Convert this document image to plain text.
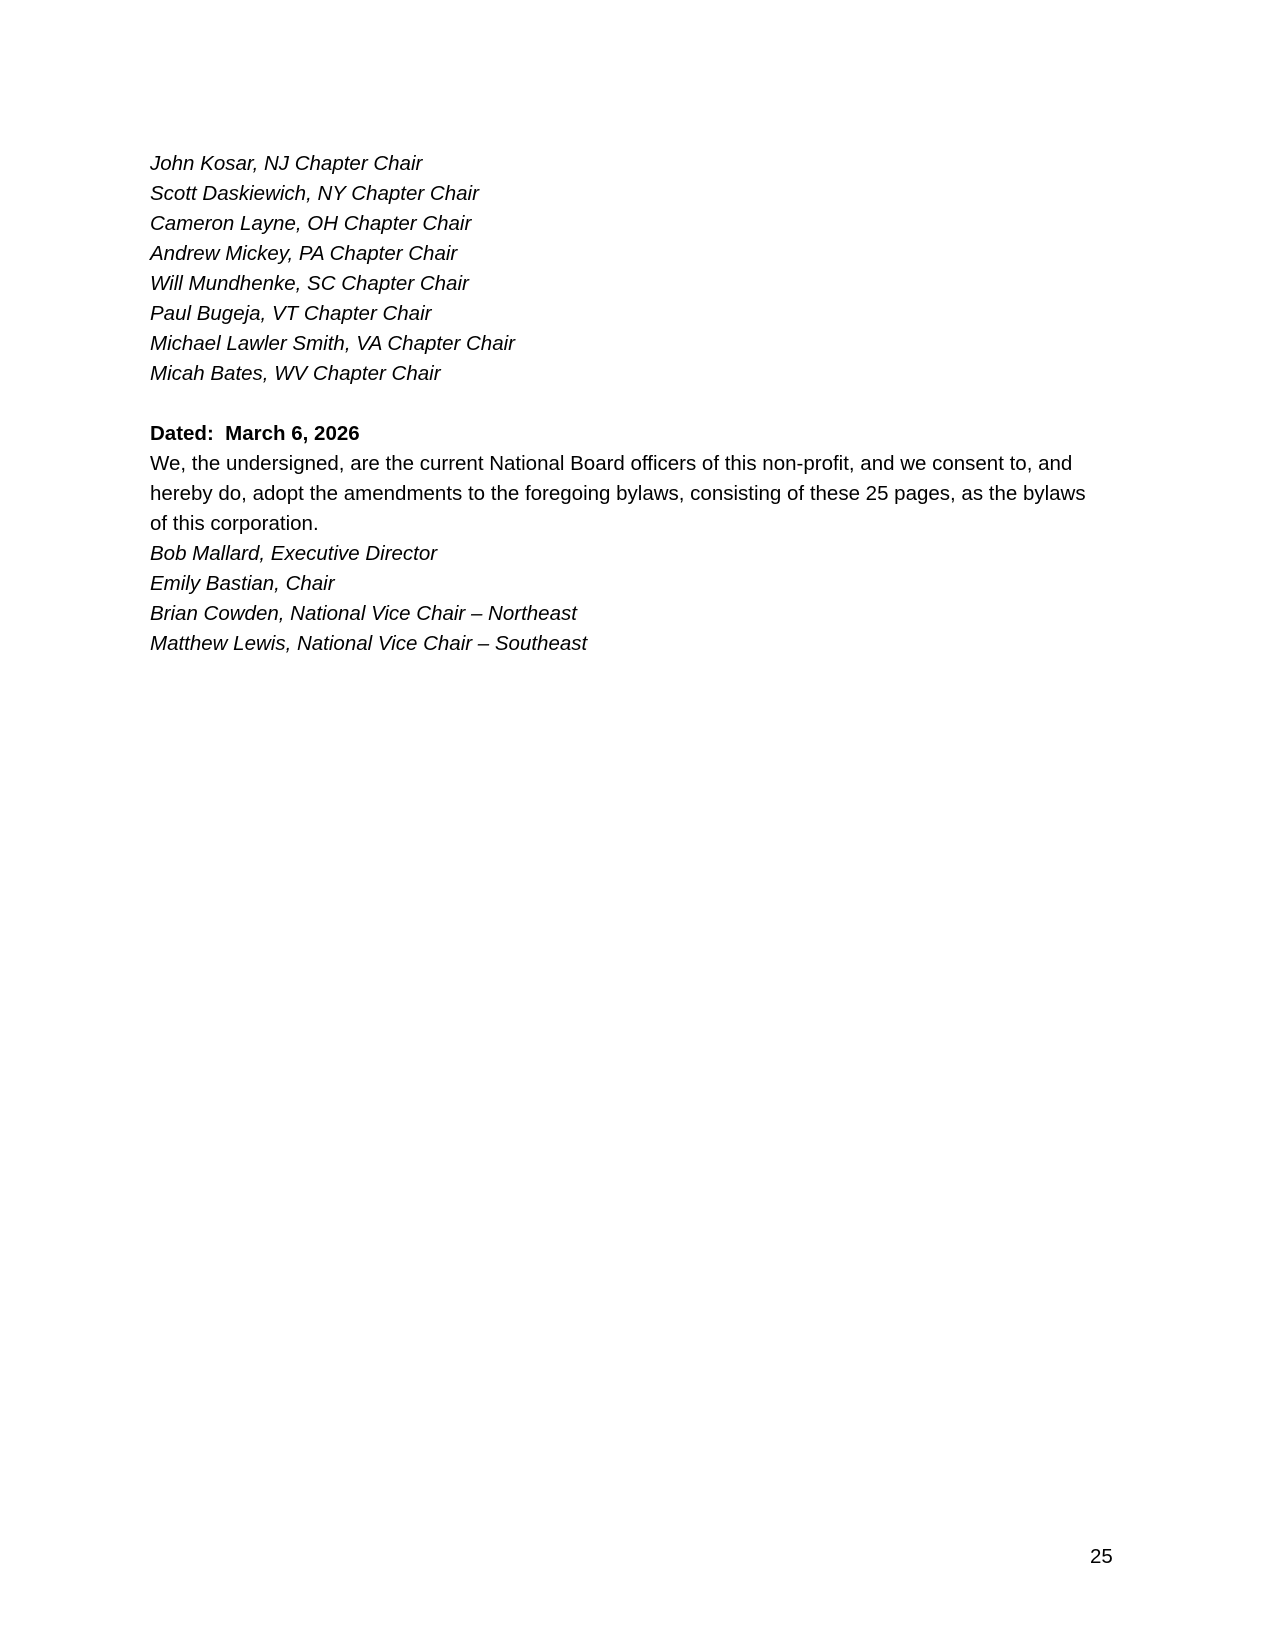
John Kosar, NJ Chapter Chair
Scott Daskiewich, NY Chapter Chair
Cameron Layne, OH Chapter Chair
Andrew Mickey, PA Chapter Chair
Will Mundhenke, SC Chapter Chair
Paul Bugeja, VT Chapter Chair
Michael Lawler Smith, VA Chapter Chair
Micah Bates, WV Chapter Chair
Dated:  March 6, 2026
We, the undersigned, are the current National Board officers of this non-profit, and we consent to, and
hereby do, adopt the amendments to the foregoing bylaws, consisting of these 25 pages, as the bylaws
of this corporation.
Bob Mallard, Executive Director
Emily Bastian, Chair
Brian Cowden, National Vice Chair – Northeast
Matthew Lewis, National Vice Chair – Southeast
25
